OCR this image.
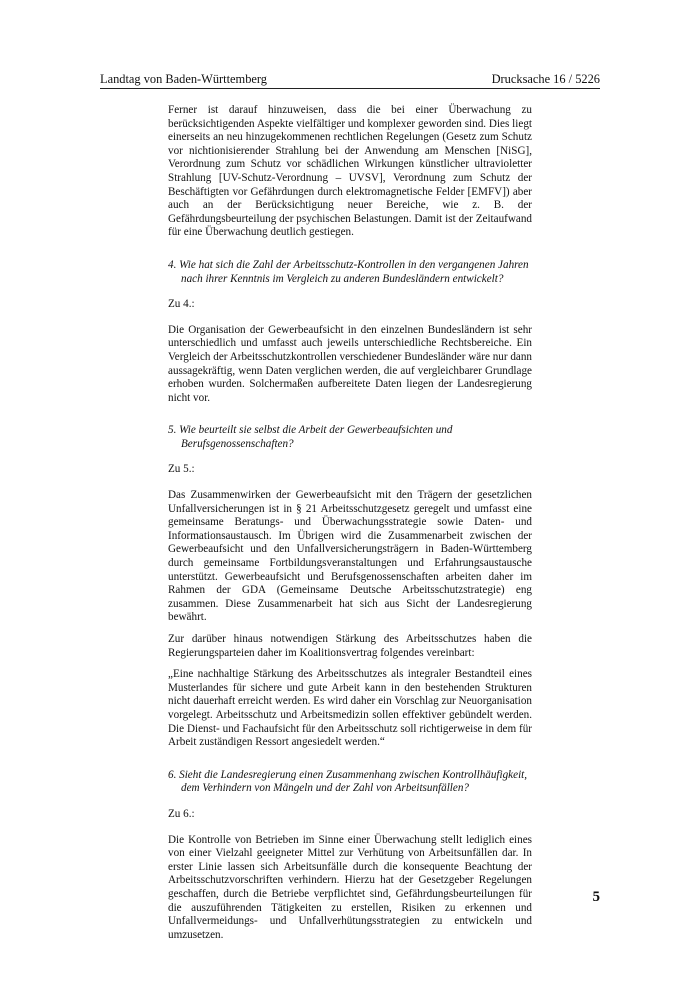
Landtag von Baden-Württemberg	Drucksache 16 / 5226

Ferner ist darauf hinzuweisen, dass die bei einer Überwachung zu berücksichtigenden Aspekte vielfältiger und komplexer geworden sind. Dies liegt einerseits an neu hinzugekommenen rechtlichen Regelungen (Gesetz zum Schutz vor nichtionisierender Strahlung bei der Anwendung am Menschen [NiSG], Verordnung zum Schutz vor schädlichen Wirkungen künstlicher ultravioletter Strahlung [UV-Schutz-Verordnung – UVSV], Verordnung zum Schutz der Beschäftigten vor Gefährdungen durch elektromagnetische Felder [EMFV]) aber auch an der Berücksichtigung neuer Bereiche, wie z. B. der Gefährdungsbeurteilung der psychischen Belastungen. Damit ist der Zeitaufwand für eine Überwachung deutlich gestiegen.

4. Wie hat sich die Zahl der Arbeitsschutz-Kontrollen in den vergangenen Jahren nach ihrer Kenntnis im Vergleich zu anderen Bundesländern entwickelt?

Zu 4.:

Die Organisation der Gewerbeaufsicht in den einzelnen Bundesländern ist sehr unterschiedlich und umfasst auch jeweils unterschiedliche Rechtsbereiche. Ein Vergleich der Arbeitsschutzkontrollen verschiedener Bundesländer wäre nur dann aussagekräftig, wenn Daten verglichen werden, die auf vergleichbarer Grundlage erhoben wurden. Solchermaßen aufbereitete Daten liegen der Landesregierung nicht vor.

5. Wie beurteilt sie selbst die Arbeit der Gewerbeaufsichten und Berufsgenossenschaften?

Zu 5.:

Das Zusammenwirken der Gewerbeaufsicht mit den Trägern der gesetzlichen Unfallversicherungen ist in § 21 Arbeitsschutzgesetz geregelt und umfasst eine gemeinsame Beratungs- und Überwachungsstrategie sowie Daten- und Informationsaustausch. Im Übrigen wird die Zusammenarbeit zwischen der Gewerbeaufsicht und den Unfallversicherungsträgern in Baden-Württemberg durch gemeinsame Fortbildungsveranstaltungen und Erfahrungsaustausche unterstützt. Gewerbeaufsicht und Berufsgenossenschaften arbeiten daher im Rahmen der GDA (Gemeinsame Deutsche Arbeitsschutzstrategie) eng zusammen. Diese Zusammenarbeit hat sich aus Sicht der Landesregierung bewährt.

Zur darüber hinaus notwendigen Stärkung des Arbeitsschutzes haben die Regierungsparteien daher im Koalitionsvertrag folgendes vereinbart:

„Eine nachhaltige Stärkung des Arbeitsschutzes als integraler Bestandteil eines Musterlandes für sichere und gute Arbeit kann in den bestehenden Strukturen nicht dauerhaft erreicht werden. Es wird daher ein Vorschlag zur Neuorganisation vorgelegt. Arbeitsschutz und Arbeitsmedizin sollen effektiver gebündelt werden. Die Dienst- und Fachaufsicht für den Arbeitsschutz soll richtigerweise in dem für Arbeit zuständigen Ressort angesiedelt werden.“

6. Sieht die Landesregierung einen Zusammenhang zwischen Kontrollhäufigkeit, dem Verhindern von Mängeln und der Zahl von Arbeitsunfällen?

Zu 6.:

Die Kontrolle von Betrieben im Sinne einer Überwachung stellt lediglich eines von einer Vielzahl geeigneter Mittel zur Verhütung von Arbeitsunfällen dar. In erster Linie lassen sich Arbeitsunfälle durch die konsequente Beachtung der Arbeitsschutzvorschriften verhindern. Hierzu hat der Gesetzgeber Regelungen geschaffen, durch die Betriebe verpflichtet sind, Gefährdungsbeurteilungen für die auszuführenden Tätigkeiten zu erstellen, Risiken zu erkennen und Unfallvermeidungs- und Unfallverhütungsstrategien zu entwickeln und umzusetzen.

5
